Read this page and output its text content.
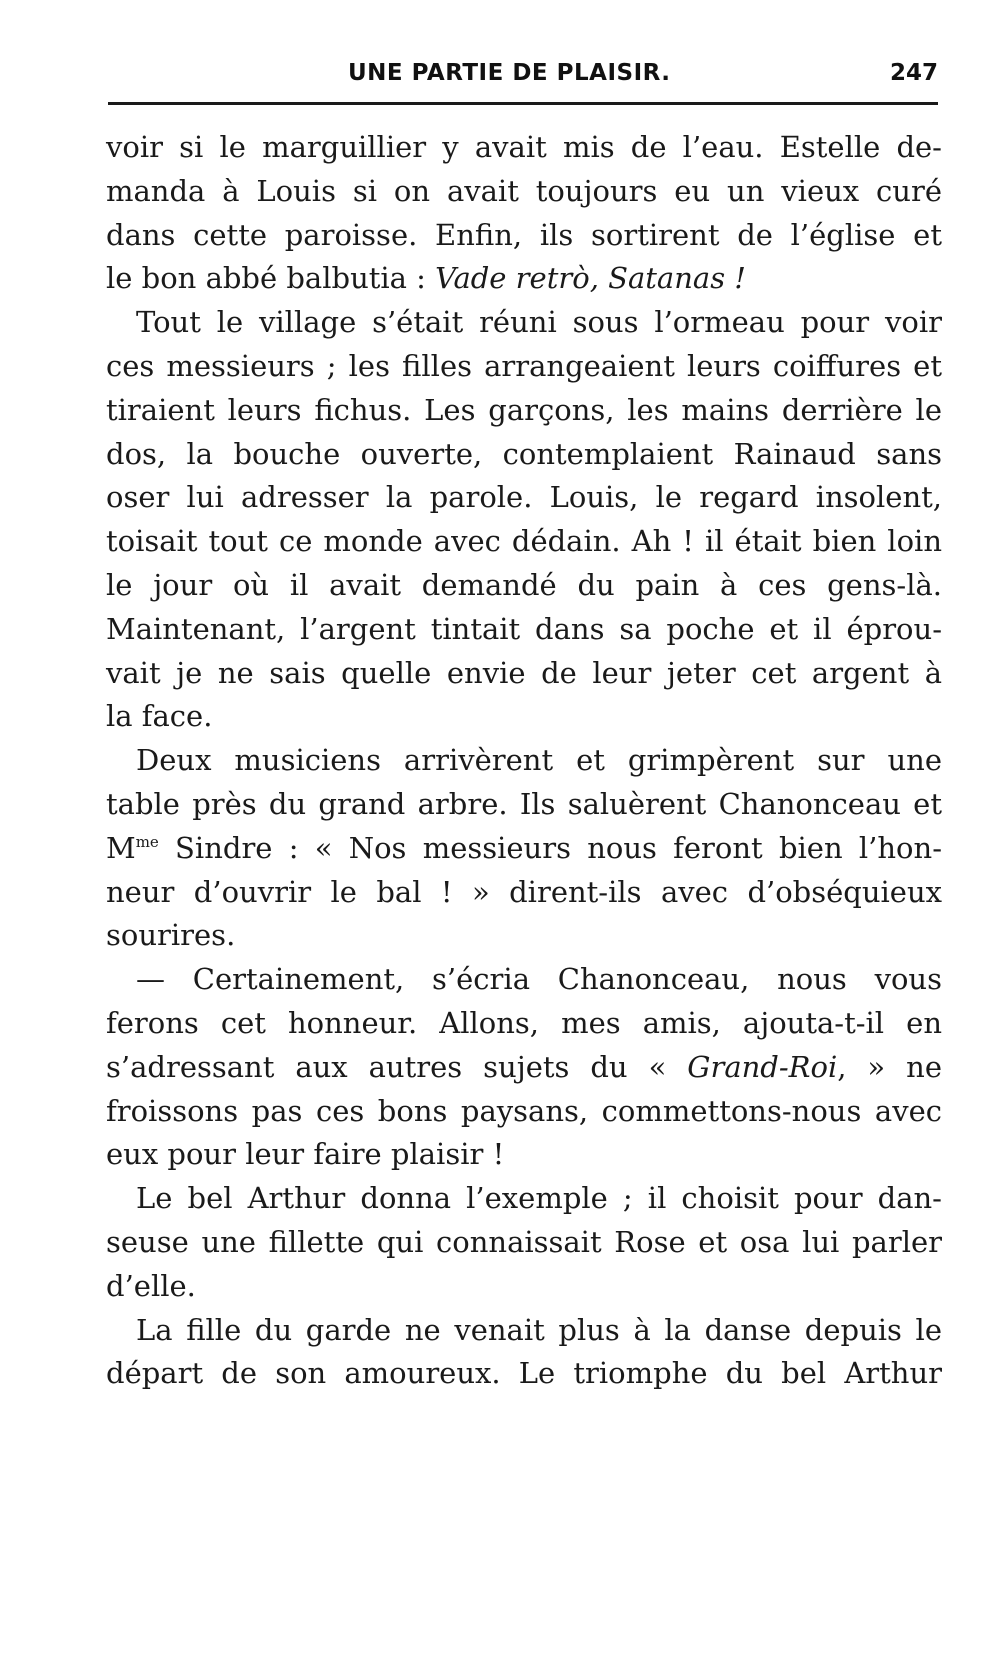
UNE PARTIE DE PLAISIR.	247
voir si le marguillier y avait mis de l’eau. Estelle de-
manda à Louis si on avait toujours eu un vieux curé
dans cette paroisse. Enfin, ils sortirent de l’église et
le bon abbé balbutia : Vade retrò, Satanas !
Tout le village s’était réuni sous l’ormeau pour voir
ces messieurs ; les filles arrangeaient leurs coiffures et
tiraient leurs fichus. Les garçons, les mains derrière le
dos, la bouche ouverte, contemplaient Rainaud sans
oser lui adresser la parole. Louis, le regard insolent,
toisait tout ce monde avec dédain. Ah ! il était bien loin
le jour où il avait demandé du pain à ces gens-là.
Maintenant, l’argent tintait dans sa poche et il éprou-
vait je ne sais quelle envie de leur jeter cet argent à
la face.
Deux musiciens arrivèrent et grimpèrent sur une
table près du grand arbre. Ils saluèrent Chanonceau et
$M^{me}$ Sindre : « Nos messieurs nous feront bien l’hon-
neur d’ouvrir le bal ! » dirent-ils avec d’obséquieux
sourires.
— Certainement, s’écria Chanonceau, nous vous
ferons cet honneur. Allons, mes amis, ajouta-t-il en
s’adressant aux autres sujets du « Grand-Roi, » ne
froissons pas ces bons paysans, commettons-nous avec
eux pour leur faire plaisir !
Le bel Arthur donna l’exemple ; il choisit pour dan-
seuse une fillette qui connaissait Rose et osa lui parler
d’elle.
La fille du garde ne venait plus à la danse depuis le
départ de son amoureux. Le triomphe du bel Arthur
